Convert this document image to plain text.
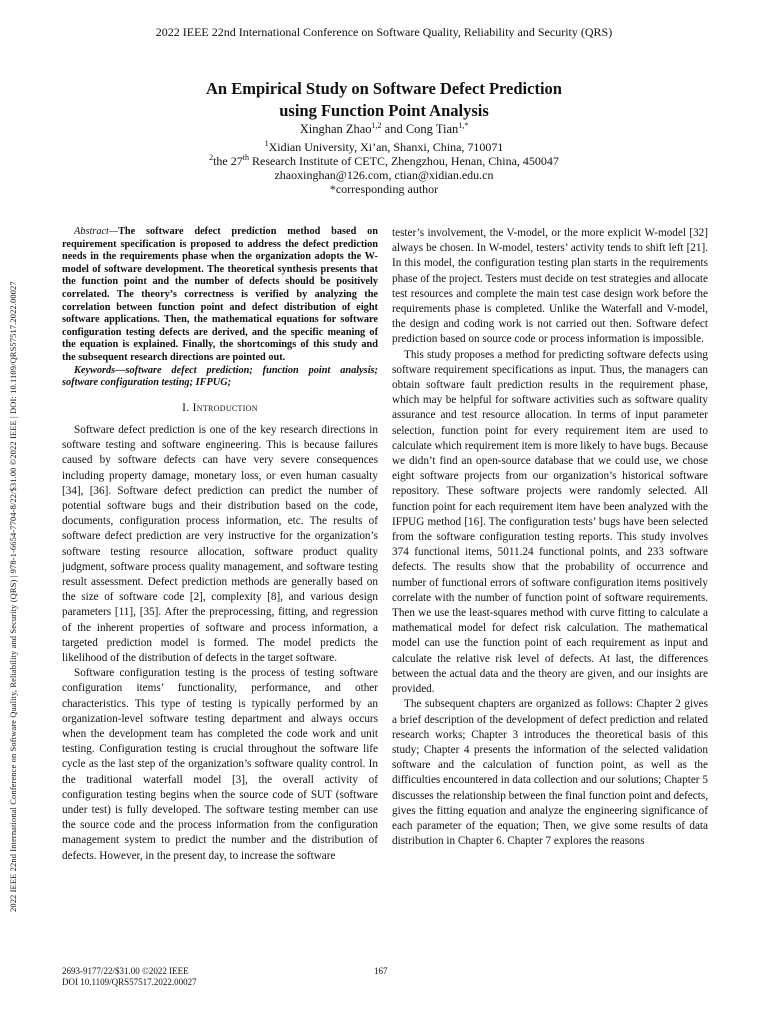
2022 IEEE 22nd International Conference on Software Quality, Reliability and Security (QRS)
2022 IEEE 22nd International Conference on Software Quality, Reliability and Security (QRS) | 978-1-6654-7704-8/22/$31.00 ©2022 IEEE | DOI: 10.1109/QRS57517.2022.00027
An Empirical Study on Software Defect Prediction
using Function Point Analysis
Xinghan Zhao$^{1,2}$ and Cong Tian$^{1,*}$
$^1$Xidian University, Xi’an, Shanxi, China, 710071
$^2$the 27th Research Institute of CETC, Zhengzhou, Henan, China, 450047
zhaoxinghan@126.com, ctian@xidian.edu.cn
*corresponding author

Abstract—The software defect prediction method based on requirement specification is proposed to address the defect prediction needs in the requirements phase when the organization adopts the W-model of software development. The theoretical synthesis presents that the function point and the number of defects should be positively correlated. The theory’s correctness is verified by analyzing the correlation between function point and defect distribution of eight software applications. Then, the mathematical equations for software configuration testing defects are derived, and the specific meaning of the equation is explained. Finally, the shortcomings of this study and the subsequent research directions are pointed out.

Keywords—software defect prediction; function point analysis; software configuration testing; IFPUG;

I. Introduction

Software defect prediction is one of the key research directions in software testing and software engineering. This is because failures caused by software defects can have very severe consequences including property damage, monetary loss, or even human casualty [34], [36]. Software defect prediction can predict the number of potential software bugs and their distribution based on the code, documents, configuration process information, etc. The results of software defect prediction are very instructive for the organization’s software testing resource allocation, software product quality judgment, software process quality management, and software testing result assessment. Defect prediction methods are generally based on the size of software code [2], complexity [8], and various design parameters [11], [35]. After the preprocessing, fitting, and regression of the inherent properties of software and process information, a targeted prediction model is formed. The model predicts the likelihood of the distribution of defects in the target software.

Software configuration testing is the process of testing software configuration items’ functionality, performance, and other characteristics. This type of testing is typically performed by an organization-level software testing department and always occurs when the development team has completed the code work and unit testing. Configuration testing is crucial throughout the software life cycle as the last step of the organization’s software quality control. In the traditional waterfall model [3], the overall activity of configuration testing begins when the source code of SUT (software under test) is fully developed. The software testing member can use the source code and the process information from the configuration management system to predict the number and the distribution of defects. However, in the present day, to increase the software

tester’s involvement, the V-model, or the more explicit W-model [32] always be chosen. In W-model, testers’ activity tends to shift left [21]. In this model, the configuration testing plan starts in the requirements phase of the project. Testers must decide on test strategies and allocate test resources and complete the main test case design work before the requirements phase is completed. Unlike the Waterfall and V-model, the design and coding work is not carried out then. Software defect prediction based on source code or process information is impossible.

This study proposes a method for predicting software defects using software requirement specifications as input. Thus, the managers can obtain software fault prediction results in the requirement phase, which may be helpful for software activities such as software quality assurance and test resource allocation. In terms of input parameter selection, function point for every requirement item are used to calculate which requirement item is more likely to have bugs. Because we didn’t find an open-source database that we could use, we chose eight software projects from our organization’s historical software repository. These software projects were randomly selected. All function point for each requirement item have been analyzed with the IFPUG method [16]. The configuration tests’ bugs have been selected from the software configuration testing reports. This study involves 374 functional items, 5011.24 functional points, and 233 software defects. The results show that the probability of occurrence and number of functional errors of software configuration items positively correlate with the number of function point of software requirements. Then we use the least-squares method with curve fitting to calculate a mathematical model for defect risk calculation. The mathematical model can use the function point of each requirement as input and calculate the relative risk level of defects. At last, the differences between the actual data and the theory are given, and our insights are provided.

The subsequent chapters are organized as follows: Chapter 2 gives a brief description of the development of defect prediction and related research works; Chapter 3 introduces the theoretical basis of this study; Chapter 4 presents the information of the selected validation software and the calculation of function point, as well as the difficulties encountered in data collection and our solutions; Chapter 5 discusses the relationship between the final function point and defects, gives the fitting equation and analyze the engineering significance of each parameter of the equation; Then, we give some results of data distribution in Chapter 6. Chapter 7 explores the reasons

2693-9177/22/$31.00 ©2022 IEEE
DOI 10.1109/QRS57517.2022.00027
167
